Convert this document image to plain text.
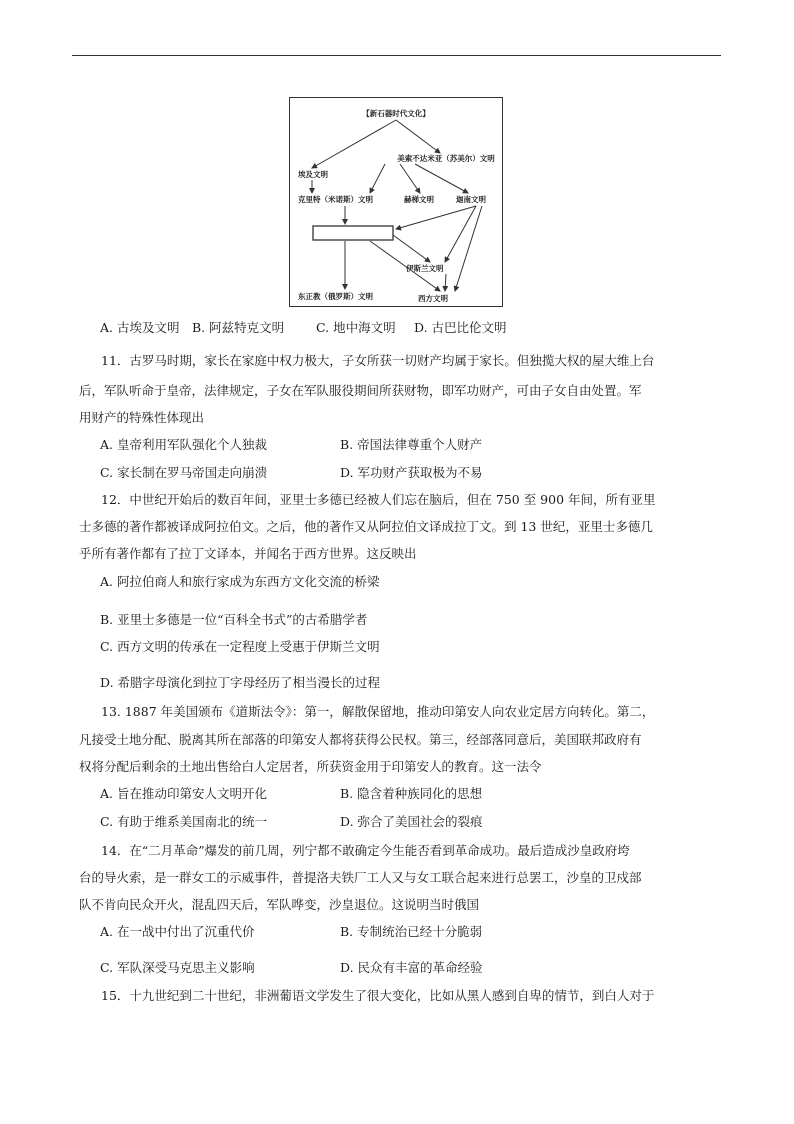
【新石器时代文化】
美索不达米亚（苏美尔）文明
埃及文明
克里特（米诺斯）文明	赫梯文明	迦南文明
伊斯兰文明
东正教（俄罗斯）文明	西方文明
A. 古埃及文明 B. 阿兹特克文明	C. 地中海文明 D. 古巴比伦文明
11．古罗马时期，家长在家庭中权力极大，子女所获一切财产均属于家长。但独揽大权的屋大维上台
后，军队听命于皇帝，法律规定，子女在军队服役期间所获财物，即军功财产，可由子女自由处置。军
用财产的特殊性体现出
A. 皇帝利用军队强化个人独裁	B. 帝国法律尊重个人财产
C. 家长制在罗马帝国走向崩溃	D. 军功财产获取极为不易
12．中世纪开始后的数百年间，亚里士多德已经被人们忘在脑后，但在 750 至 900 年间，所有亚里
士多德的著作都被译成阿拉伯文。之后，他的著作又从阿拉伯文译成拉丁文。到 13 世纪，亚里士多德几
乎所有著作都有了拉丁文译本，并闻名于西方世界。这反映出
A. 阿拉伯商人和旅行家成为东西方文化交流的桥梁
B. 亚里士多德是一位“百科全书式”的古希腊学者
C. 西方文明的传承在一定程度上受惠于伊斯兰文明
D. 希腊字母演化到拉丁字母经历了相当漫长的过程
13. 1887 年美国颁布《道斯法令》：第一，解散保留地，推动印第安人向农业定居方向转化。第二，
凡接受土地分配、脱离其所在部落的印第安人都将获得公民权。第三，经部落同意后，美国联邦政府有
权将分配后剩余的土地出售给白人定居者，所获资金用于印第安人的教育。这一法令
A. 旨在推动印第安人文明开化	B. 隐含着种族同化的思想
C. 有助于维系美国南北的统一	D. 弥合了美国社会的裂痕
14．在“二月革命”爆发的前几周，列宁都不敢确定今生能否看到革命成功。最后造成沙皇政府垮
台的导火索，是一群女工的示威事件，普提洛夫铁厂工人又与女工联合起来进行总罢工，沙皇的卫戍部
队不肯向民众开火，混乱四天后，军队哗变，沙皇退位。这说明当时俄国
A. 在一战中付出了沉重代价	B. 专制统治已经十分脆弱
C. 军队深受马克思主义影响	D. 民众有丰富的革命经验
15．十九世纪到二十世纪，非洲葡语文学发生了很大变化，比如从黑人感到自卑的情节，到白人对于
